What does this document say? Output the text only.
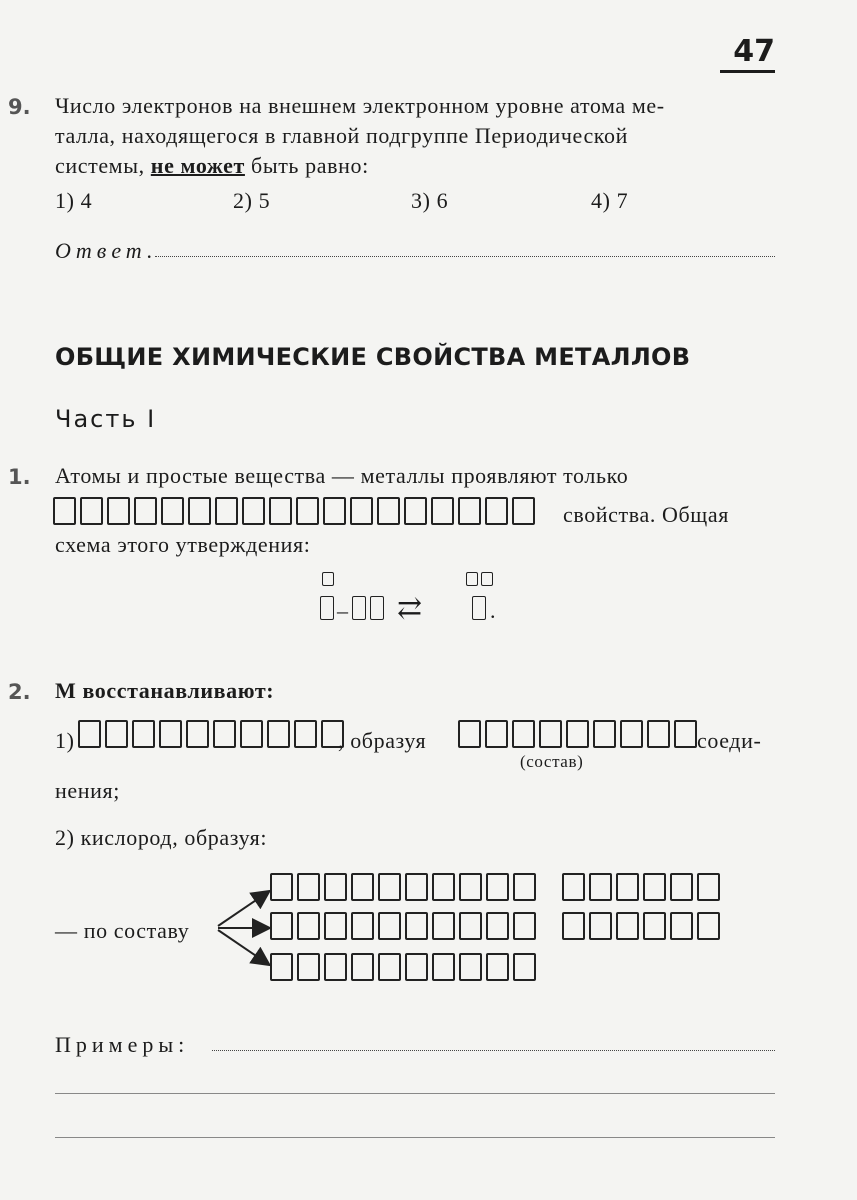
47
9. Число электронов на внешнем электронном уровне атома ме-
талла, находящегося в главной подгруппе Периодической
системы, не может быть равно:
1) 4	2) 5	3) 6	4) 7
Ответ.
ОБЩИЕ ХИМИЧЕСКИЕ СВОЙСТВА МЕТАЛЛОВ
Часть I
1. Атомы и простые вещества — металлы проявляют только
свойства. Общая
схема этого утверждения:
– ⇄	.
2. М восстанавливают:
1)	, образуя	соеди-
(состав)
нения;
2) кислород, образуя:
— по составу
Примеры:
